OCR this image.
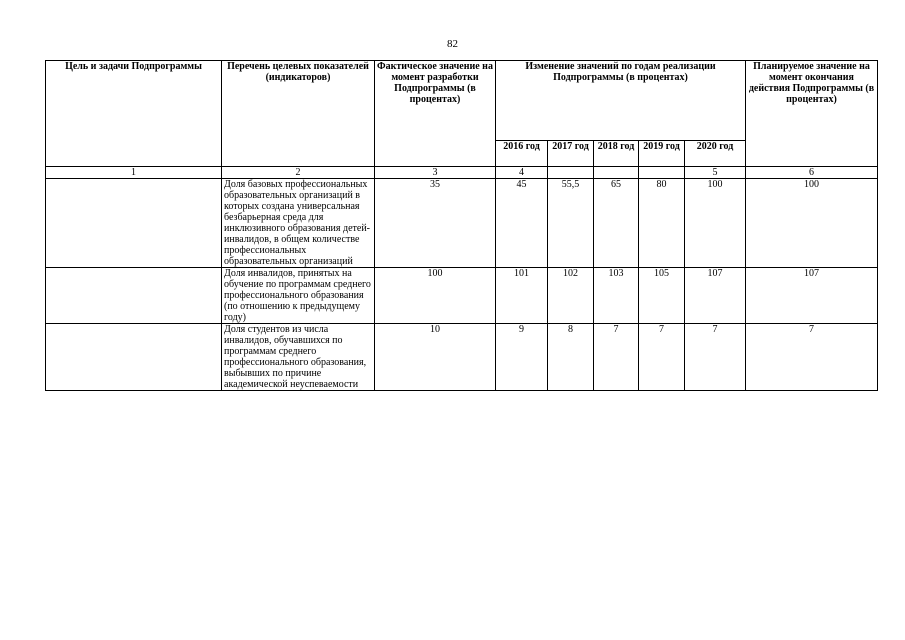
82
Цель и задачи Подпрограммы	Перечень целевых показателей (индикаторов)	Фактическое значение на момент разработки Подпрограммы (в процентах)	Изменение значений по годам реализации Подпрограммы (в процентах)					Планируемое значение на момент окончания действия Подпрограммы (в процентах)
			2016 год	2017 год	2018 год	2019 год	2020 год	
1	2	3	4				5	6
	Доля базовых профессиональных образовательных организаций в которых создана универсальная безбарьерная среда для инклюзивного образования детей-инвалидов, в общем количестве профессиональных образовательных организаций	35	45	55,5	65	80	100	100
	Доля инвалидов, принятых на обучение по программам среднего профессионального образования (по отношению к предыдущему году)	100	101	102	103	105	107	107
	Доля студентов из числа инвалидов, обучавшихся по программам среднего профессионального образования, выбывших по причине академической неуспеваемости	10	9	8	7	7	7	7
